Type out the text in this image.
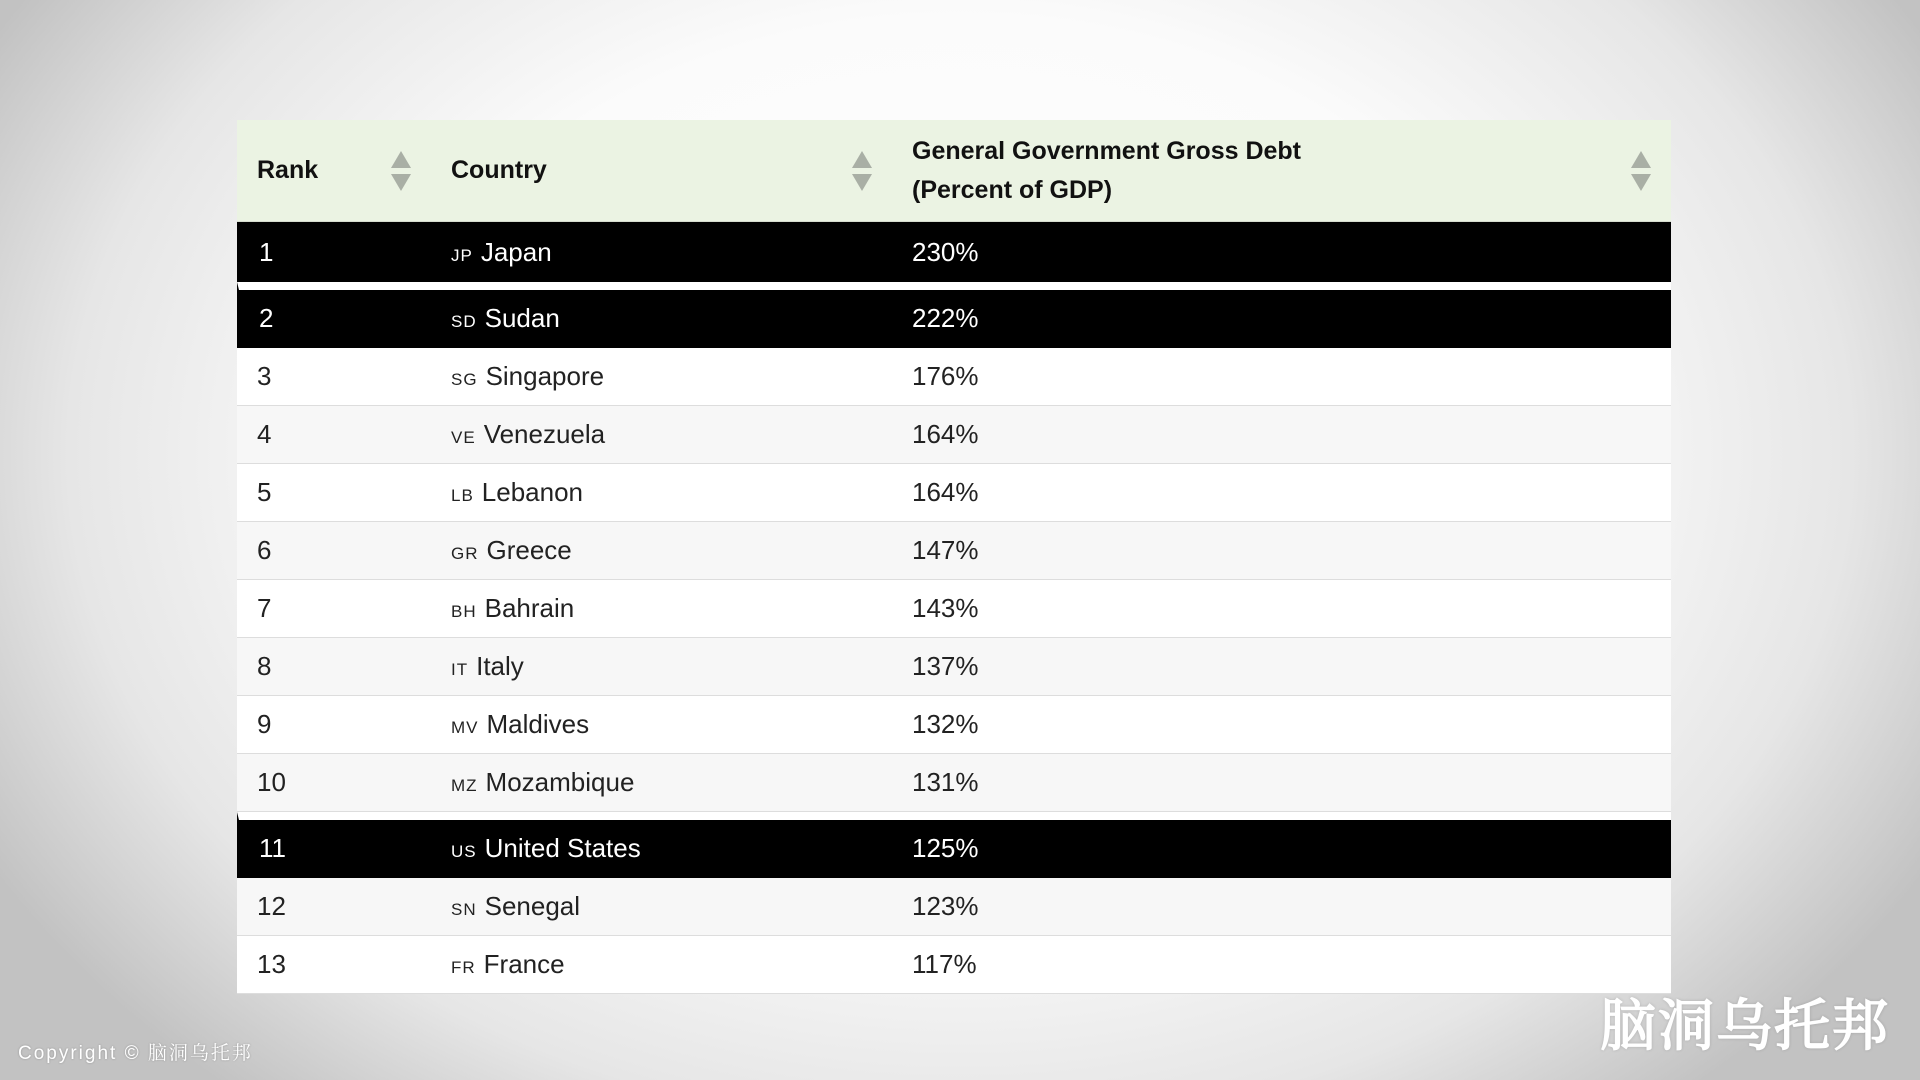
Rank	Country	General Government Gross Debt
(Percent of GDP)

1	JP Japan	230%
2	SD Sudan	222%
3	SG Singapore	176%
4	VE Venezuela	164%
5	LB Lebanon	164%
6	GR Greece	147%
7	BH Bahrain	143%
8	IT Italy	137%
9	MV Maldives	132%
10	MZ Mozambique	131%
11	US United States	125%
12	SN Senegal	123%
13	FR France	117%
Copyright © 脑洞乌托邦	脑洞乌托邦
